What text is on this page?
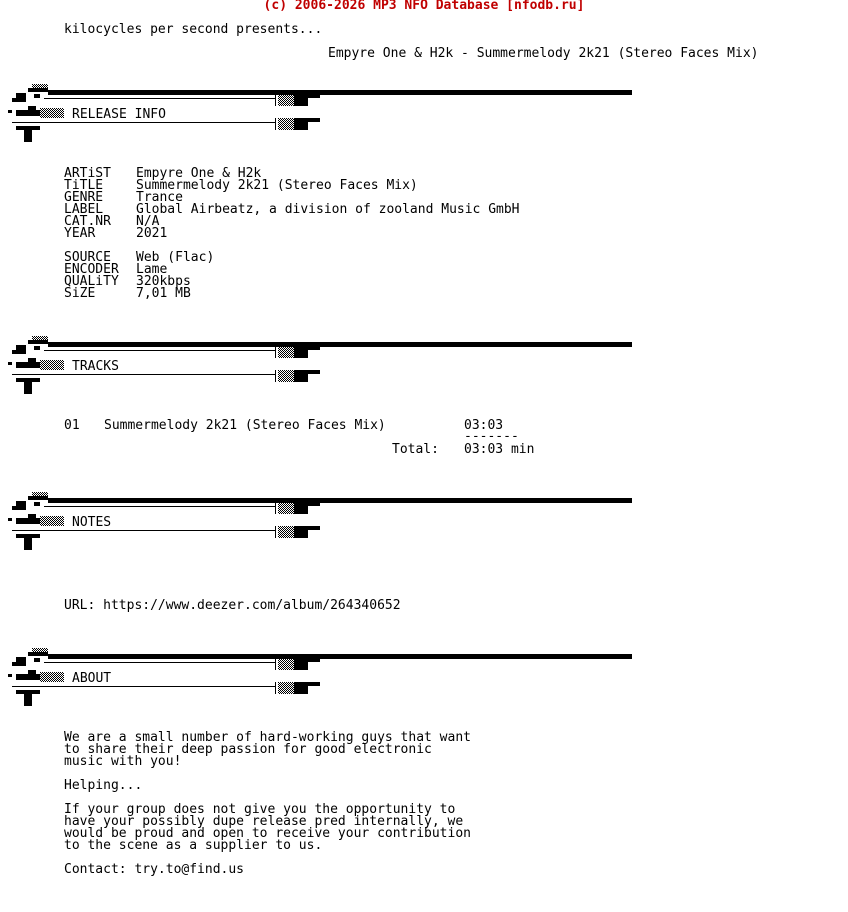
(c) 2006-2026 MP3 NFO Database [nfodb.ru]
kilocycles per second presents...
Empyre One & H2k - Summermelody 2k21 (Stereo Faces Mix)
RELEASE INFO
ARTiST Empyre One & H2k
TiTLE	Summermelody 2k21 (Stereo Faces Mix)
GENRE	Trance
LABEL	Global Airbeatz, a division of zooland Music GmbH
CAT.NR N/A
YEAR	2021
SOURCE Web (Flac)
ENCODER Lame
QUALiTY 320kbps
SiZE	7,01 MB
TRACKS
01 Summermelody 2k21 (Stereo Faces Mix)	03:03
-------
Total: 03:03 min
NOTES
URL: https://www.deezer.com/album/264340652
ABOUT
We are a small number of hard-working guys that want
to share their deep passion for good electronic
music with you!
Helping...
If your group does not give you the opportunity to
have your possibly dupe release pred internally, we
would be proud and open to receive your contribution
to the scene as a supplier to us.
Contact: try.to@find.us
